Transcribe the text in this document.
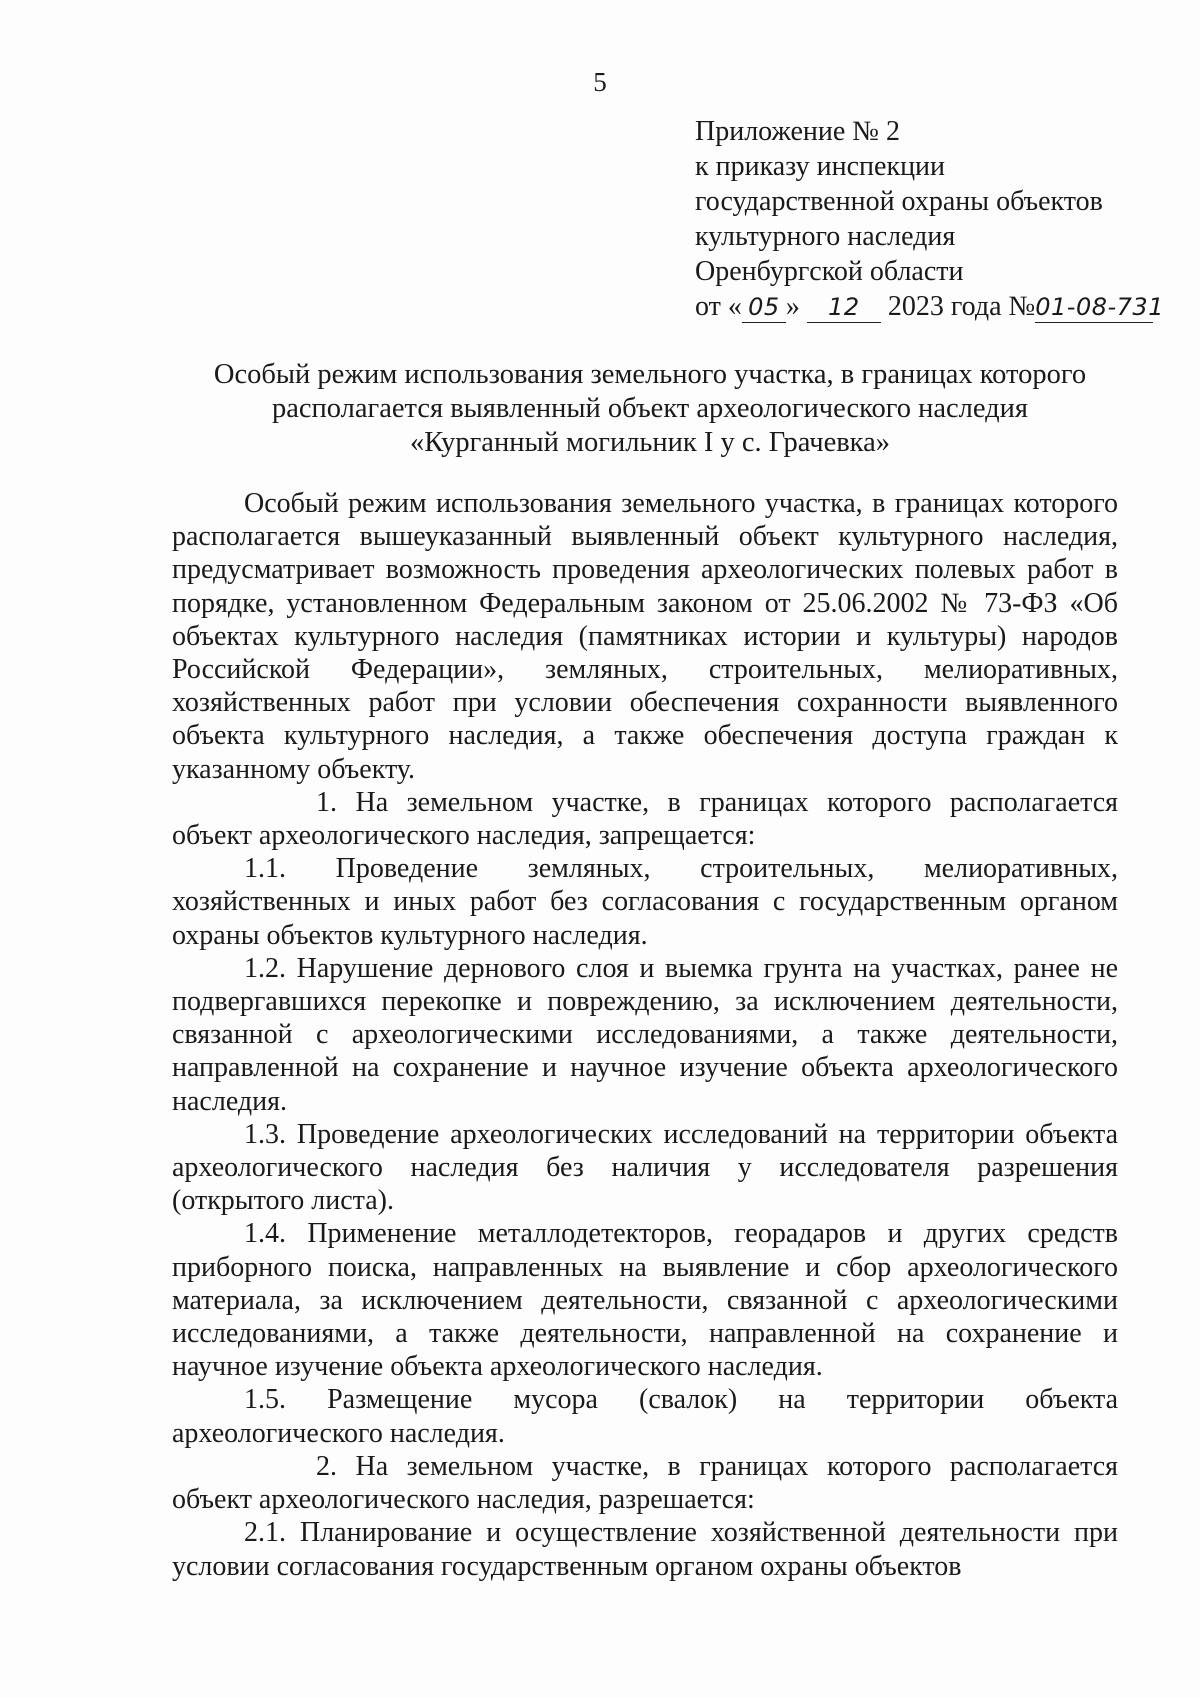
5
Приложение № 2
к приказу инспекции
государственной охраны объектов
культурного наследия
Оренбургской области
от « 05 » 12 2023 года №01-08-731
Особый режим использования земельного участка, в границах которого
располагается выявленный объект археологического наследия
«Курганный могильник I у с. Грачевка»

Особый режим использования земельного участка, в границах которого располагается вышеуказанный выявленный объект культурного наследия, предусматривает возможность проведения археологических полевых работ в порядке, установленном Федеральным законом от 25.06.2002 № 73-ФЗ «Об объектах культурного наследия (памятниках истории и культуры) народов Российской Федерации», земляных, строительных, мелиоративных, хозяйственных работ при условии обеспечения сохранности выявленного объекта культурного наследия, а также обеспечения доступа граждан к указанному объекту.

1. На земельном участке, в границах которого располагается объект археологического наследия, запрещается:

1.1. Проведение земляных, строительных, мелиоративных, хозяйственных и иных работ без согласования с государственным органом охраны объектов культурного наследия.

1.2. Нарушение дернового слоя и выемка грунта на участках, ранее не подвергавшихся перекопке и повреждению, за исключением деятельности, связанной с археологическими исследованиями, а также деятельности, направленной на сохранение и научное изучение объекта археологического наследия.

1.3. Проведение археологических исследований на территории объекта археологического наследия без наличия у исследователя разрешения (открытого листа).

1.4. Применение металлодетекторов, георадаров и других средств приборного поиска, направленных на выявление и сбор археологического материала, за исключением деятельности, связанной с археологическими исследованиями, а также деятельности, направленной на сохранение и научное изучение объекта археологического наследия.

1.5. Размещение мусора (свалок) на территории объекта археологического наследия.

2. На земельном участке, в границах которого располагается объект археологического наследия, разрешается:

2.1. Планирование и осуществление хозяйственной деятельности при условии согласования государственным органом охраны объектов
